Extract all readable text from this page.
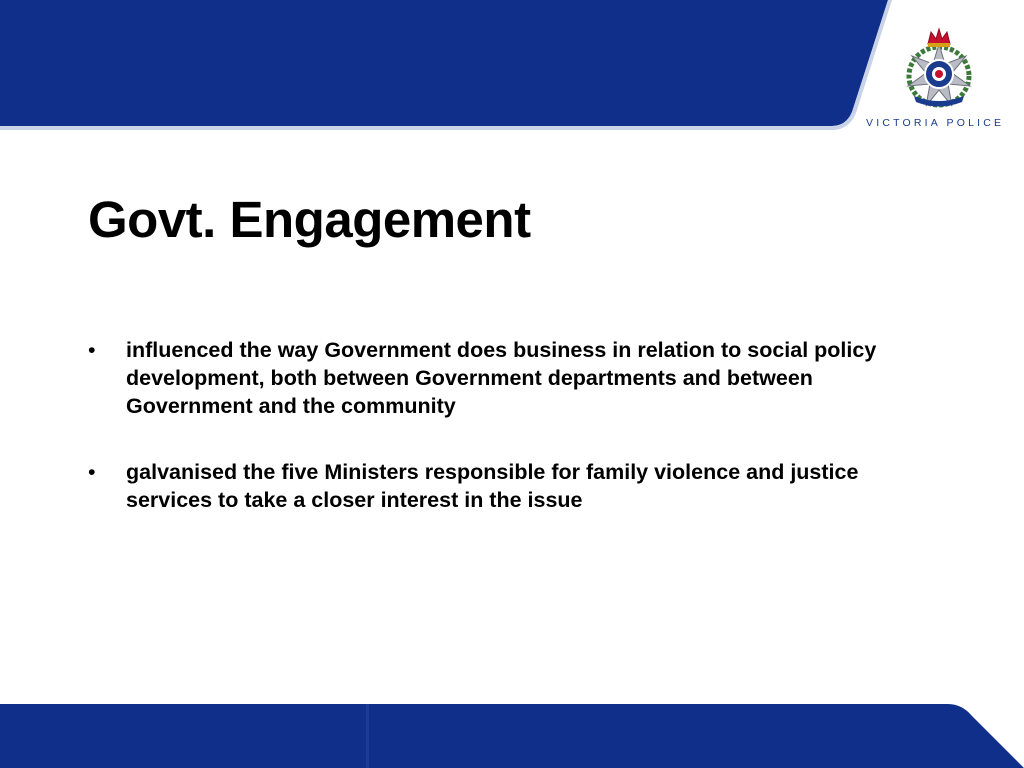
VICTORIA POLICE
Govt. Engagement
• influenced the way Government does business in relation to social policy development, both between Government departments and between Government and the community
• galvanised the five Ministers responsible for family violence and justice services to take a closer interest in the issue
